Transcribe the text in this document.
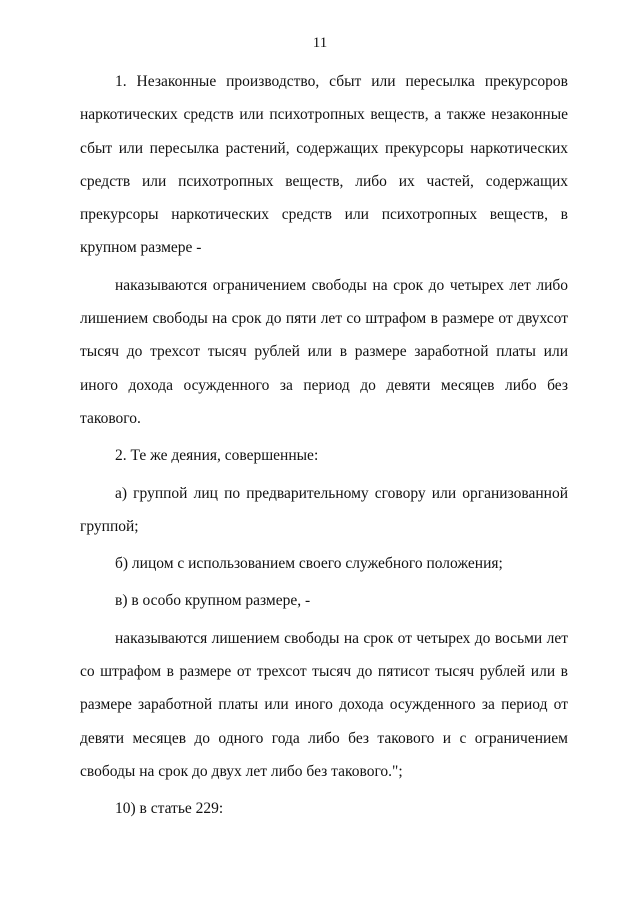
11

1. Незаконные производство, сбыт или пересылка прекурсоров наркотических средств или психотропных веществ, а также незаконные сбыт или пересылка растений, содержащих прекурсоры наркотических средств или психотропных веществ, либо их частей, содержащих прекурсоры наркотических средств или психотропных веществ, в крупном размере -

наказываются ограничением свободы на срок до четырех лет либо лишением свободы на срок до пяти лет со штрафом в размере от двухсот тысяч до трехсот тысяч рублей или в размере заработной платы или иного дохода осужденного за период до девяти месяцев либо без такового.

2. Те же деяния, совершенные:

а) группой лиц по предварительному сговору или организованной группой;

б) лицом с использованием своего служебного положения;

в) в особо крупном размере, -

наказываются лишением свободы на срок от четырех до восьми лет со штрафом в размере от трехсот тысяч до пятисот тысяч рублей или в размере заработной платы или иного дохода осужденного за период от девяти месяцев до одного года либо без такового и с ограничением свободы на срок до двух лет либо без такового.";

10) в статье 229:
